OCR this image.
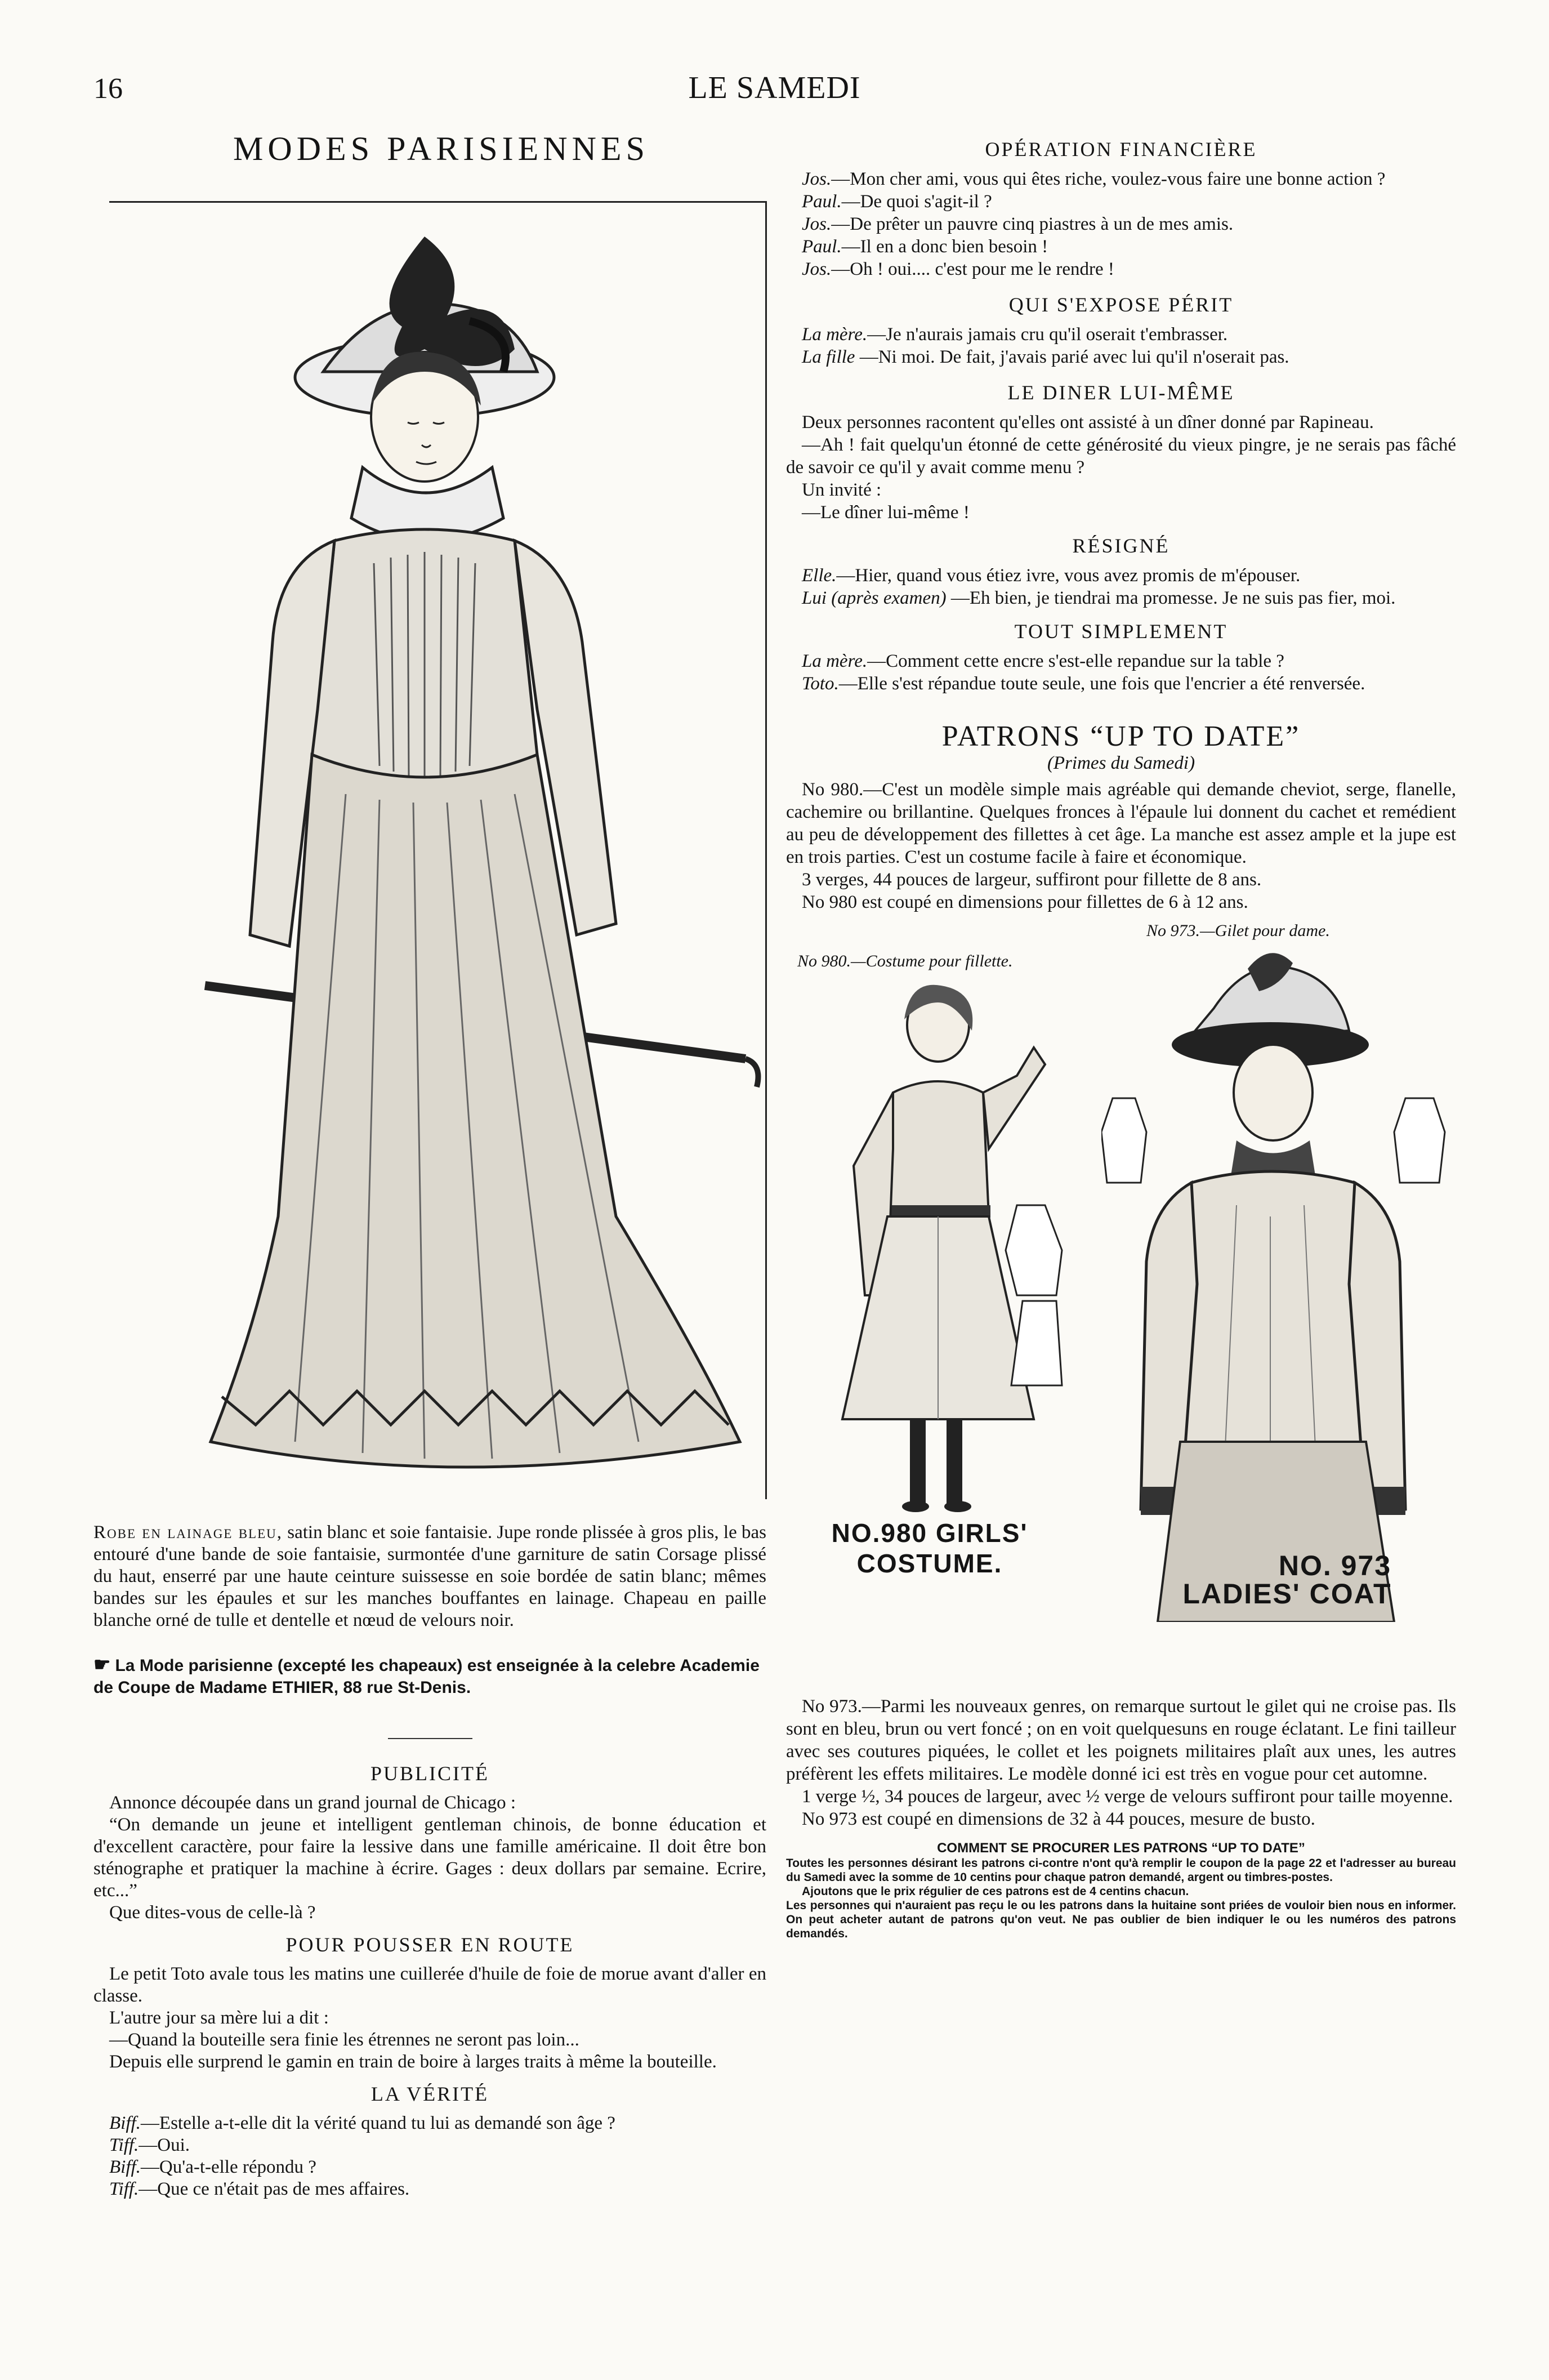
16	LE SAMEDI
MODES PARISIENNES

Robe en lainage bleu, satin blanc et soie fantaisie. Jupe ronde plissée à gros plis, le bas entouré d'une bande de soie fantaisie, surmontée d'une garniture de satin Corsage plissé du haut, enserré par une haute ceinture suissesse en soie bordée de satin blanc; mêmes bandes sur les épaules et sur les manches bouffantes en lainage. Chapeau en paille blanche orné de tulle et dentelle et nœud de velours noir.

☛ La Mode parisienne (excepté les chapeaux) est enseignée à la celebre Academie de Coupe de Madame ETHIER, 88 rue St-Denis.

PUBLICITÉ

Annonce découpée dans un grand journal de Chicago :

“On demande un jeune et intelligent gentleman chinois, de bonne éducation et d'excellent caractère, pour faire la lessive dans une famille américaine. Il doit être bon sténographe et pratiquer la machine à écrire. Gages : deux dollars par semaine. Ecrire, etc...”

Que dites-vous de celle-là ?

POUR POUSSER EN ROUTE

Le petit Toto avale tous les matins une cuillerée d'huile de foie de morue avant d'aller en classe.

L'autre jour sa mère lui a dit :

—Quand la bouteille sera finie les étrennes ne seront pas loin...

Depuis elle surprend le gamin en train de boire à larges traits à même la bouteille.

LA VÉRITÉ

Biff.—Estelle a-t-elle dit la vérité quand tu lui as demandé son âge ?

Tiff.—Oui.

Biff.—Qu'a-t-elle répondu ?

Tiff.—Que ce n'était pas de mes affaires.

OPÉRATION FINANCIÈRE

Jos.—Mon cher ami, vous qui êtes riche, voulez-vous faire une bonne action ?

Paul.—De quoi s'agit-il ?

Jos.—De prêter un pauvre cinq piastres à un de mes amis.

Paul.—Il en a donc bien besoin !

Jos.—Oh ! oui.... c'est pour me le rendre !

QUI S'EXPOSE PÉRIT

La mère.—Je n'aurais jamais cru qu'il oserait t'embrasser.

La fille —Ni moi. De fait, j'avais parié avec lui qu'il n'oserait pas.

LE DINER LUI-MÊME

Deux personnes racontent qu'elles ont assisté à un dîner donné par Rapineau.

—Ah ! fait quelqu'un étonné de cette générosité du vieux pingre, je ne serais pas fâché de savoir ce qu'il y avait comme menu ?

Un invité :

—Le dîner lui-même !

RÉSIGNÉ

Elle.—Hier, quand vous étiez ivre, vous avez promis de m'épouser.

Lui (après examen) —Eh bien, je tiendrai ma promesse. Je ne suis pas fier, moi.

TOUT SIMPLEMENT

La mère.—Comment cette encre s'est-elle repandue sur la table ?

Toto.—Elle s'est répandue toute seule, une fois que l'encrier a été renversée.

PATRONS “UP TO DATE”
(Primes du Samedi)

No 980.—C'est un modèle simple mais agréable qui demande cheviot, serge, flanelle, cachemire ou brillantine. Quelques fronces à l'épaule lui donnent du cachet et remédient au peu de développement des fillettes à cet âge. La manche est assez ample et la jupe est en trois parties. C'est un costume facile à faire et économique.

3 verges, 44 pouces de largeur, suffiront pour fillette de 8 ans.

No 980 est coupé en dimensions pour fillettes de 6 à 12 ans.

No 973.—Gilet pour dame.
No 980.—Costume pour fillette.
NO.980 GIRLS'
COSTUME.	NO. 973
LADIES' COAT

No 973.—Parmi les nouveaux genres, on remarque surtout le gilet qui ne croise pas. Ils sont en bleu, brun ou vert foncé ; on en voit quelquesuns en rouge éclatant. Le fini tailleur avec ses coutures piquées, le collet et les poignets militaires plaît aux unes, les autres préfèrent les effets militaires. Le modèle donné ici est très en vogue pour cet automne.

1 verge ½, 34 pouces de largeur, avec ½ verge de velours suffiront pour taille moyenne.

No 973 est coupé en dimensions de 32 à 44 pouces, mesure de busto.

COMMENT SE PROCURER LES PATRONS “UP TO DATE”

Toutes les personnes désirant les patrons ci-contre n'ont qu'à remplir le coupon de la page 22 et l'adresser au bureau du Samedi avec la somme de 10 centins pour chaque patron demandé, argent ou timbres-postes.

Ajoutons que le prix régulier de ces patrons est de 4 centins chacun.

Les personnes qui n'auraient pas reçu le ou les patrons dans la huitaine sont priées de vouloir bien nous en informer. On peut acheter autant de patrons qu'on veut. Ne pas oublier de bien indiquer le ou les numéros des patrons demandés.
